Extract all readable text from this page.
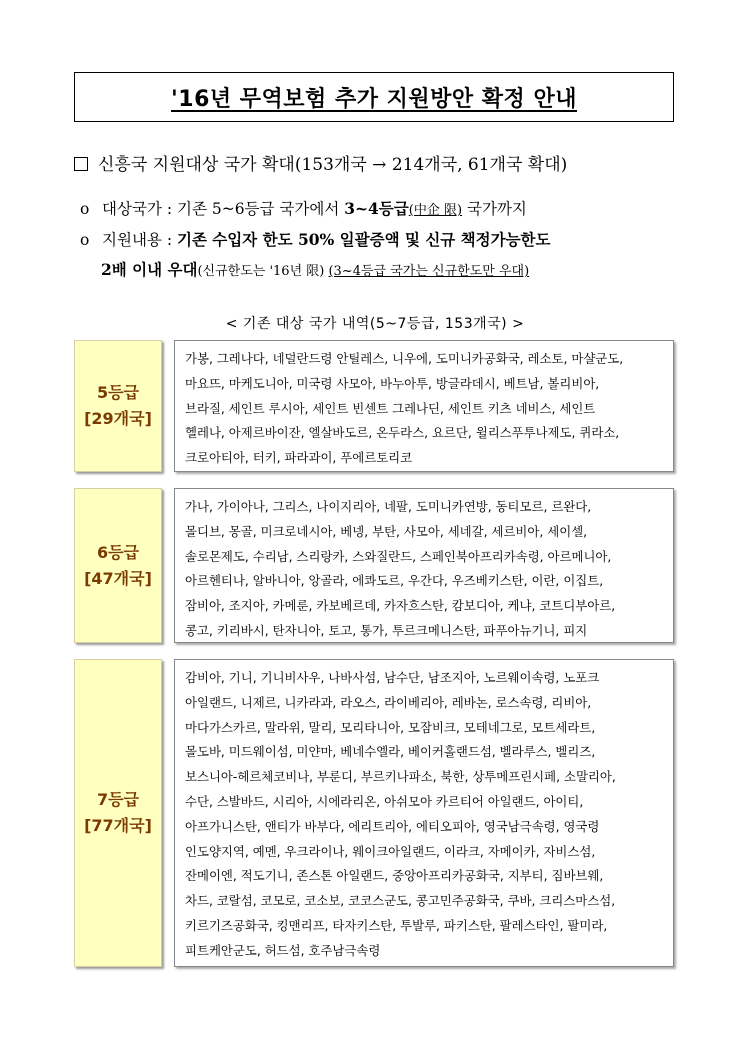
'16년 무역보험 추가 지원방안 확정 안내
신흥국 지원대상 국가 확대(153개국 → 214개국, 61개국 확대)
o 대상국가 : 기존 5~6등급 국가에서 3~4등급(中企 限) 국가까지
o 지원내용 : 기존 수입자 한도 50% 일괄증액 및 신규 책정가능한도
2배 이내 우대(신규한도는 '16년 限) (3~4등급 국가는 신규한도만 우대)
< 기존 대상 국가 내역(5~7등급, 153개국) >
5등급
[29개국]
가봉, 그레나다, 네덜란드령 안틸레스, 니우에, 도미니카공화국, 레소토, 마샬군도,
마요뜨, 마케도니아, 미국령 사모아, 바누아투, 방글라데시, 베트남, 볼리비아,
브라질, 세인트 루시아, 세인트 빈센트 그레나딘, 세인트 키츠 네비스, 세인트
헬레나, 아제르바이잔, 엘살바도르, 온두라스, 요르단, 윌리스푸투나제도, 퀴라소,
크로아티아, 터키, 파라과이, 푸에르토리코
6등급
[47개국]
가나, 가이아나, 그리스, 나이지리아, 네팔, 도미니카연방, 동티모르, 르완다,
몰디브, 몽골, 미크로네시아, 베넹, 부탄, 사모아, 세네갈, 세르비아, 세이셀,
솔로몬제도, 수리남, 스리랑카, 스와질란드, 스페인북아프리카속령, 아르메니아,
아르헨티나, 알바니아, 앙골라, 에콰도르, 우간다, 우즈베키스탄, 이란, 이집트,
잠비아, 조지아, 카메룬, 카보베르데, 카자흐스탄, 캄보디아, 케냐, 코트디부아르,
콩고, 키리바시, 탄자니아, 토고, 통가, 투르크메니스탄, 파푸아뉴기니, 피지
7등급
[77개국]
감비아, 기니, 기니비사우, 나바사섬, 남수단, 남조지아, 노르웨이속령, 노포크
아일랜드, 니제르, 니카라과, 라오스, 라이베리아, 레바논, 로스속령, 리비아,
마다가스카르, 말라위, 말리, 모리타니아, 모잠비크, 모테네그로, 모트세라트,
몰도바, 미드웨이섬, 미얀마, 베네수엘라, 베이커홀랜드섬, 벨라루스, 벨리즈,
보스니아-헤르체코비나, 부룬디, 부르키나파소, 북한, 상투메프린시페, 소말리아,
수단, 스발바드, 시리아, 시에라리온, 아쉬모아 카르티어 아일랜드, 아이티,
아프가니스탄, 앤티가 바부다, 에리트리아, 에티오피아, 영국남극속령, 영국령
인도양지역, 예멘, 우크라이나, 웨이크아일랜드, 이라크, 자메이카, 자비스섬,
잔메이엔, 적도기니, 존스톤 아일랜드, 중앙아프리카공화국, 지부티, 짐바브웨,
차드, 코랄섬, 코모로, 코소보, 코코스군도, 콩고민주공화국, 쿠바, 크리스마스섬,
키르기즈공화국, 킹맨리프, 타자키스탄, 투발루, 파키스탄, 팔레스타인, 팔미라,
피트케안군도, 허드섬, 호주남극속령
